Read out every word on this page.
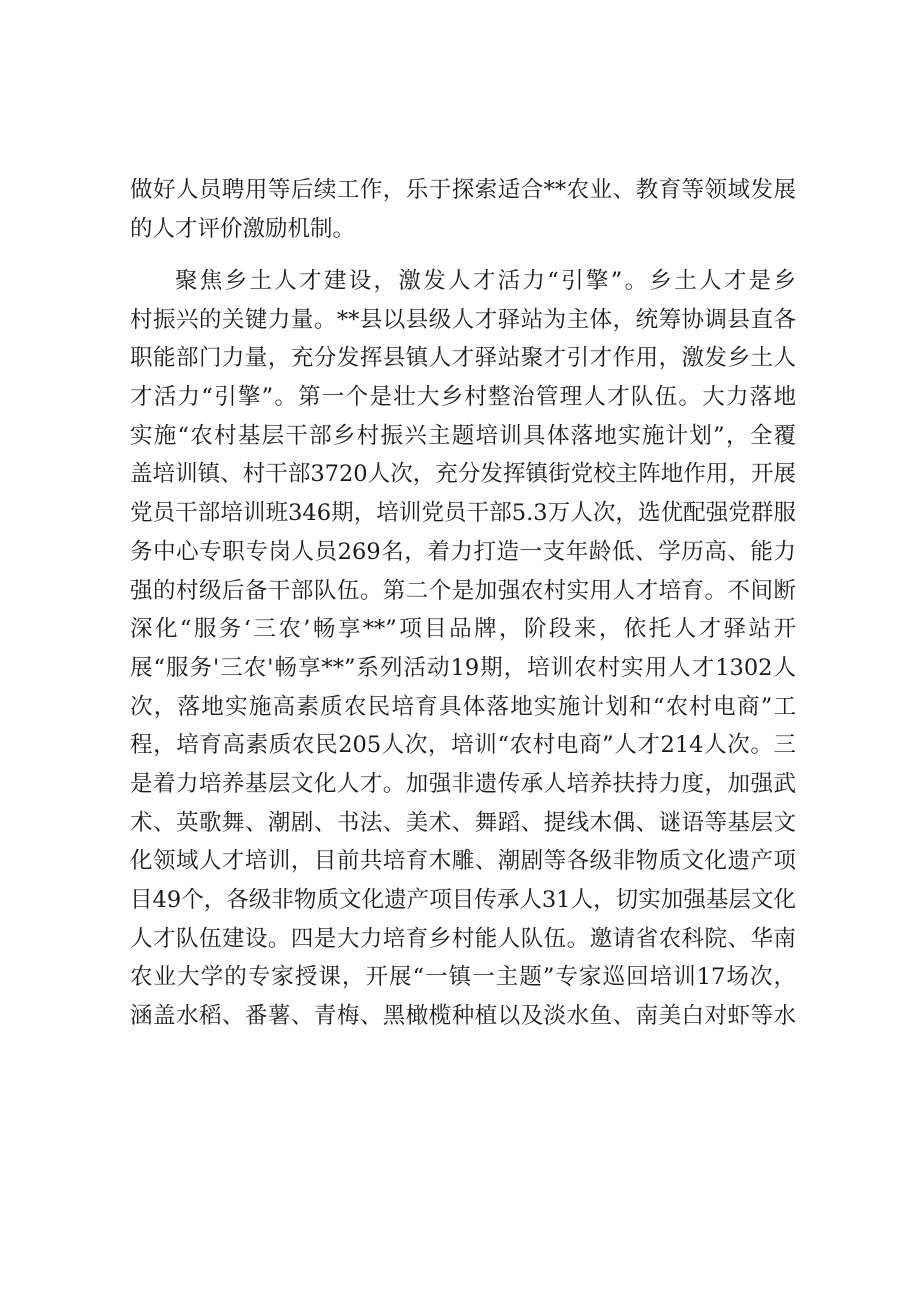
做好人员聘用等后续工作，乐于探索适合**农业、教育等领域发展
的人才评价激励机制。
聚焦乡土人才建设，激发人才活力“引擎”。乡土人才是乡
村振兴的关键力量。**县以县级人才驿站为主体，统筹协调县直各
职能部门力量，充分发挥县镇人才驿站聚才引才作用，激发乡土人
才活力“引擎”。第一个是壮大乡村整治管理人才队伍。大力落地
实施“农村基层干部乡村振兴主题培训具体落地实施计划”，全覆
盖培训镇、村干部3720人次，充分发挥镇街党校主阵地作用，开展
党员干部培训班346期，培训党员干部5.3万人次，选优配强党群服
务中心专职专岗人员269名，着力打造一支年龄低、学历高、能力
强的村级后备干部队伍。第二个是加强农村实用人才培育。不间断
深化“服务‘三农’畅享**”项目品牌，阶段来，依托人才驿站开
展“服务'三农'畅享**”系列活动19期，培训农村实用人才1302人
次，落地实施高素质农民培育具体落地实施计划和“农村电商”工
程，培育高素质农民205人次，培训“农村电商”人才214人次。三
是着力培养基层文化人才。加强非遗传承人培养扶持力度，加强武
术、英歌舞、潮剧、书法、美术、舞蹈、提线木偶、谜语等基层文
化领域人才培训，目前共培育木雕、潮剧等各级非物质文化遗产项
目49个，各级非物质文化遗产项目传承人31人，切实加强基层文化
人才队伍建设。四是大力培育乡村能人队伍。邀请省农科院、华南
农业大学的专家授课，开展“一镇一主题”专家巡回培训17场次，
涵盖水稻、番薯、青梅、黑橄榄种植以及淡水鱼、南美白对虾等水
